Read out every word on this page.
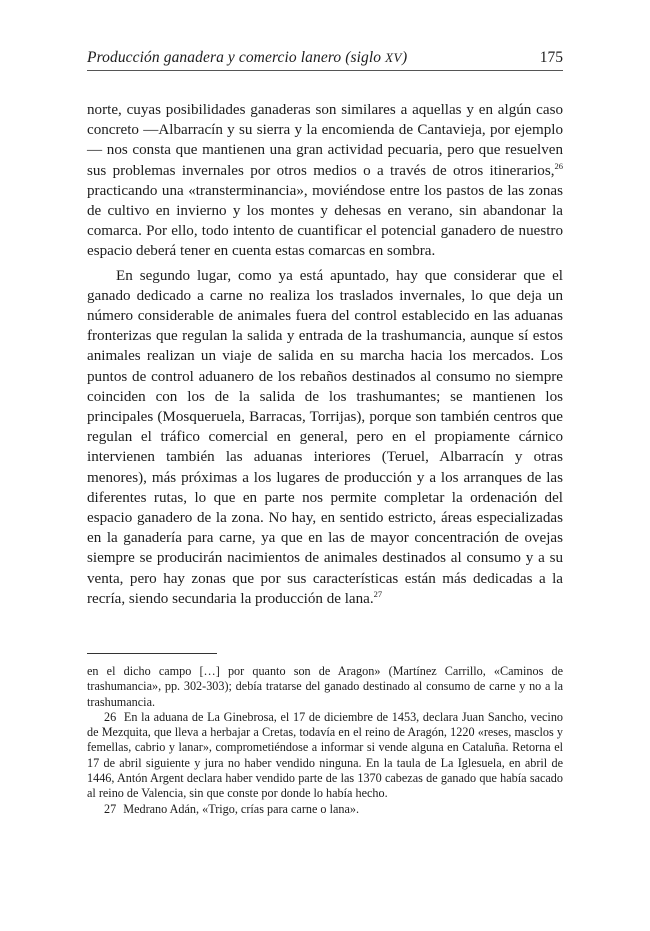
Producción ganadera y comercio lanero (siglo XV)	175

norte, cuyas posibilidades ganaderas son similares a aquellas y en algún caso concreto —Albarracín y su sierra y la encomienda de Cantavieja, por ejemplo— nos consta que mantienen una gran actividad pecuaria, pero que resuelven sus problemas invernales por otros medios o a través de otros itinerarios,$^{26}$ practicando una «transterminancia», moviéndose entre los pastos de las zonas de cultivo en invierno y los montes y dehesas en verano, sin abandonar la comarca. Por ello, todo intento de cuantificar el potencial ganadero de nuestro espacio deberá tener en cuenta estas comarcas en sombra.

En segundo lugar, como ya está apuntado, hay que considerar que el ganado dedicado a carne no realiza los traslados invernales, lo que deja un número considerable de animales fuera del control establecido en las aduanas fronterizas que regulan la salida y entrada de la trashumancia, aunque sí estos animales realizan un viaje de salida en su marcha hacia los mercados. Los puntos de control aduanero de los rebaños destinados al consumo no siempre coinciden con los de la salida de los trashumantes; se mantienen los principales (Mosqueruela, Barracas, Torrijas), porque son también centros que regulan el tráfico comercial en general, pero en el propiamente cárnico intervienen también las aduanas interiores (Teruel, Albarracín y otras menores), más próximas a los lugares de producción y a los arranques de las diferentes rutas, lo que en parte nos permite completar la ordenación del espacio ganadero de la zona. No hay, en sentido estricto, áreas especializadas en la ganadería para carne, ya que en las de mayor concentración de ovejas siempre se producirán nacimientos de animales destinados al consumo y a su venta, pero hay zonas que por sus características están más dedicadas a la recría, siendo secundaria la producción de lana.$^{27}$

en el dicho campo […] por quanto son de Aragon» (Martínez Carrillo, «Caminos de trashumancia», pp. 302-303); debía tratarse del ganado destinado al consumo de carne y no a la trashumancia.

26 En la aduana de La Ginebrosa, el 17 de diciembre de 1453, declara Juan Sancho, vecino de Mezquita, que lleva a herbajar a Cretas, todavía en el reino de Aragón, 1220 «reses, masclos y femellas, cabrio y lanar», comprometiéndose a informar si vende alguna en Cataluña. Retorna el 17 de abril siguiente y jura no haber vendido ninguna. En la taula de La Iglesuela, en abril de 1446, Antón Argent declara haber vendido parte de las 1370 cabezas de ganado que había sacado al reino de Valencia, sin que conste por donde lo había hecho.

27 Medrano Adán, «Trigo, crías para carne o lana».
